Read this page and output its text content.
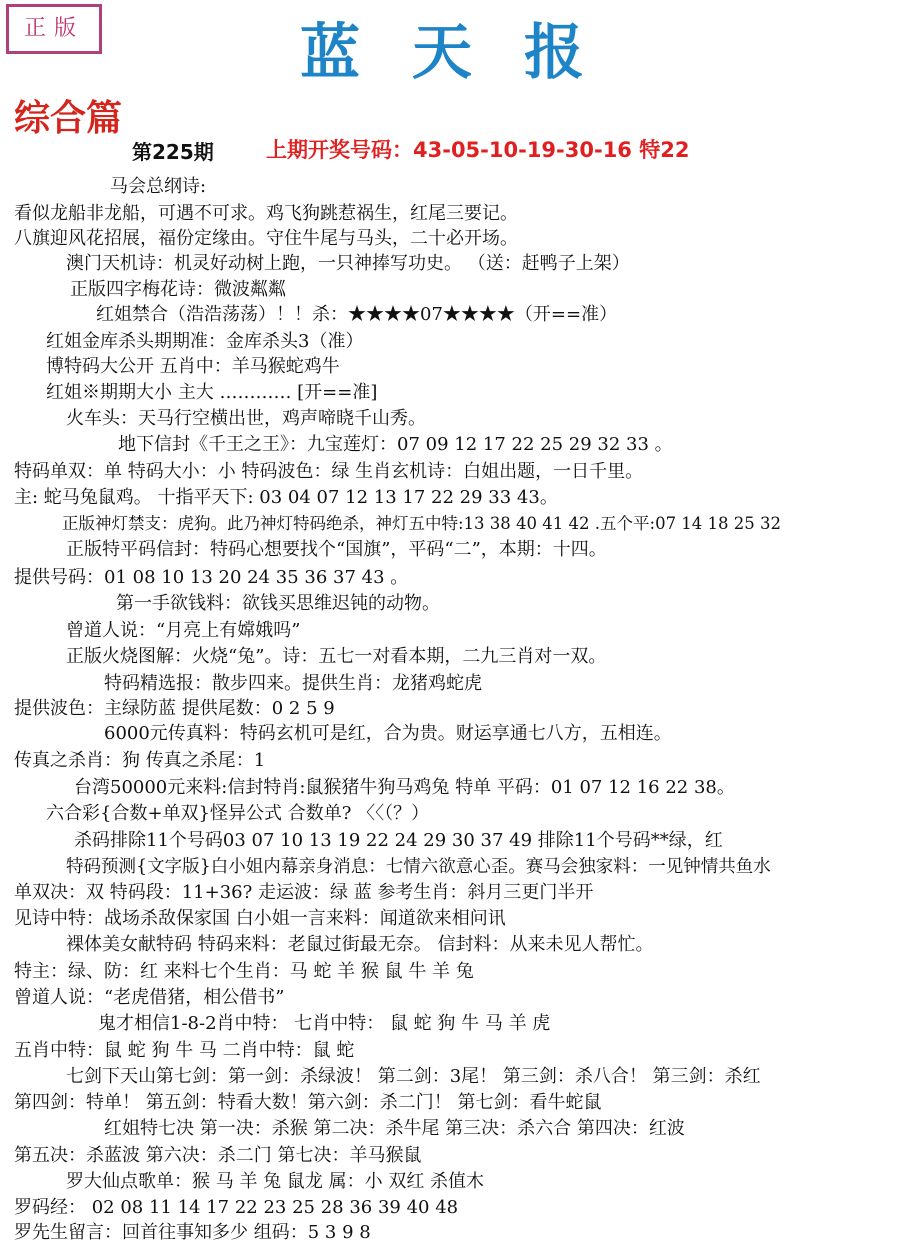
正版	蓝天报
综合篇
第225期 上期开奖号码：43-05-10-19-30-16 特22
马会总纲诗:
看似龙船非龙船，可遇不可求。鸡飞狗跳惹祸生，红尾三要记。
八旗迎风花招展，福份定缘由。守住牛尾与马头，二十必开场。
澳门天机诗：机灵好动树上跑，一只神捧写功史。 （送：赶鸭子上架）
正版四字梅花诗：微波粼粼
红姐禁合（浩浩荡荡）！！杀：★★★★07★★★★（开==准）
红姐金库杀头期期准：金库杀头3（准）
博特码大公开 五肖中：羊马猴蛇鸡牛
红姐※期期大小 主大 ………… [开==准]
火车头：天马行空横出世，鸡声啼晓千山秀。
地下信封《千王之王》：九宝莲灯：07 09 12 17 22 25 29 32 33 。
特码单双：单 特码大小：小 特码波色：绿 生肖玄机诗：白姐出题，一日千里。
主: 蛇马兔鼠鸡。 十指平天下: 03 04 07 12 13 17 22 29 33 43。
正版神灯禁支：虎狗。此乃神灯特码绝杀，神灯五中特:13 38 40 41 42 .五个平:07 14 18 25 32
正版特平码信封：特码心想要找个“国旗”，平码“二”，本期：十四。
提供号码：01 08 10 13 20 24 35 36 37 43 。
第一手欲钱料：欲钱买思维迟钝的动物。
曾道人说：“月亮上有嫦娥吗”
正版火烧图解：火烧“兔”。诗：五七一对看本期，二九三肖对一双。
特码精选报：散步四来。提供生肖：龙猪鸡蛇虎
提供波色：主绿防蓝 提供尾数：0 2 5 9
6000元传真料：特码玄机可是红，合为贵。财运享通七八方，五相连。
传真之杀肖：狗 传真之杀尾：1
台湾50000元来料:信封特肖:鼠猴猪牛狗马鸡兔 特单 平码：01 07 12 16 22 38。
六合彩{合数+单双}怪异公式 合数单? 〈〈（？）
杀码排除11个号码03 07 10 13 19 22 24 29 30 37 49 排除11个号码**绿，红
特码预测{文字版}白小姐内幕亲身消息：七情六欲意心歪。赛马会独家料：一见钟情共鱼水
单双决：双 特码段：11+36? 走运波：绿 蓝 参考生肖：斜月三更门半开
见诗中特：战场杀敌保家国 白小姐一言来料：闻道欲来相问讯
裸体美女献特码 特码来料：老鼠过街最无奈。 信封料：从来未见人帮忙。
特主：绿、防：红 来料七个生肖：马 蛇 羊 猴 鼠 牛 羊 兔
曾道人说：“老虎借猪，相公借书”
鬼才相信1-8-2肖中特： 七肖中特： 鼠 蛇 狗 牛 马 羊 虎
五肖中特：鼠 蛇 狗 牛 马 二肖中特：鼠 蛇
七剑下天山第七剑：第一剑：杀绿波！ 第二剑：3尾！ 第三剑：杀八合！ 第三剑：杀红
第四剑：特单！ 第五剑：特看大数！第六剑：杀二门！ 第七剑：看牛蛇鼠
红姐特七决 第一决：杀猴 第二决：杀牛尾 第三决：杀六合 第四决：红波
第五决：杀蓝波 第六决：杀二门 第七决：羊马猴鼠
罗大仙点歌单：猴 马 羊 兔 鼠龙 属：小 双红 杀值木
罗码经： 02 08 11 14 17 22 23 25 28 36 39 40 48
罗先生留言：回首往事知多少 组码：5 3 9 8
